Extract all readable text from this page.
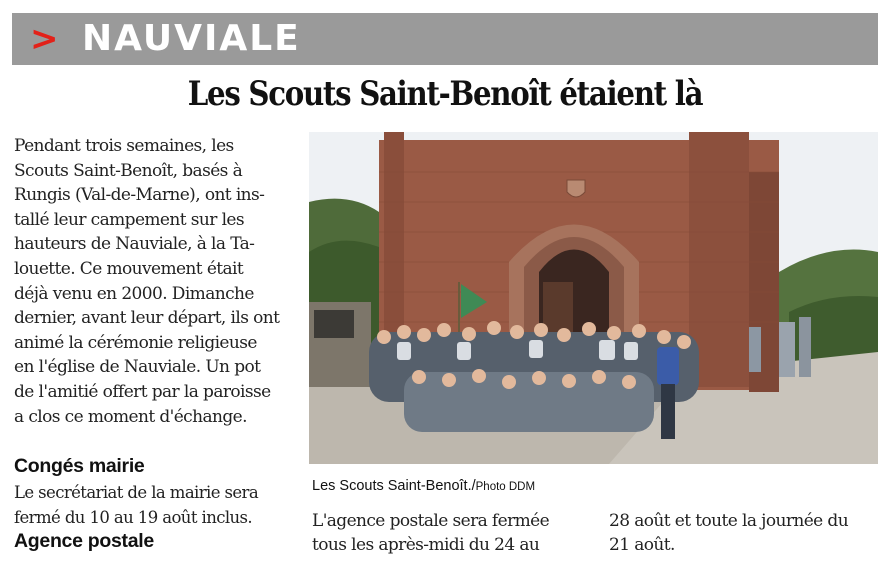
> NAUVIALE
Les Scouts Saint-Benoît étaient là

Pendant trois semaines, les

Scouts Saint-Benoît, basés à

Rungis (Val-de-Marne), ont ins-

tallé leur campement sur les

hauteurs de Nauviale, à la Ta-

louette. Ce mouvement était

déjà venu en 2000. Dimanche

dernier, avant leur départ, ils ont

animé la cérémonie religieuse

en l'église de Nauviale. Un pot

de l'amitié offert par la paroisse

a clos ce moment d'échange.

Congés mairie

Le secrétariat de la mairie sera

fermé du 10 au 19 août inclus.

Agence postale
Les Scouts Saint-Benoît./Photo DDM

L'agence postale sera fermée

tous les après-midi du 24 au

28 août et toute la journée du

21 août.
